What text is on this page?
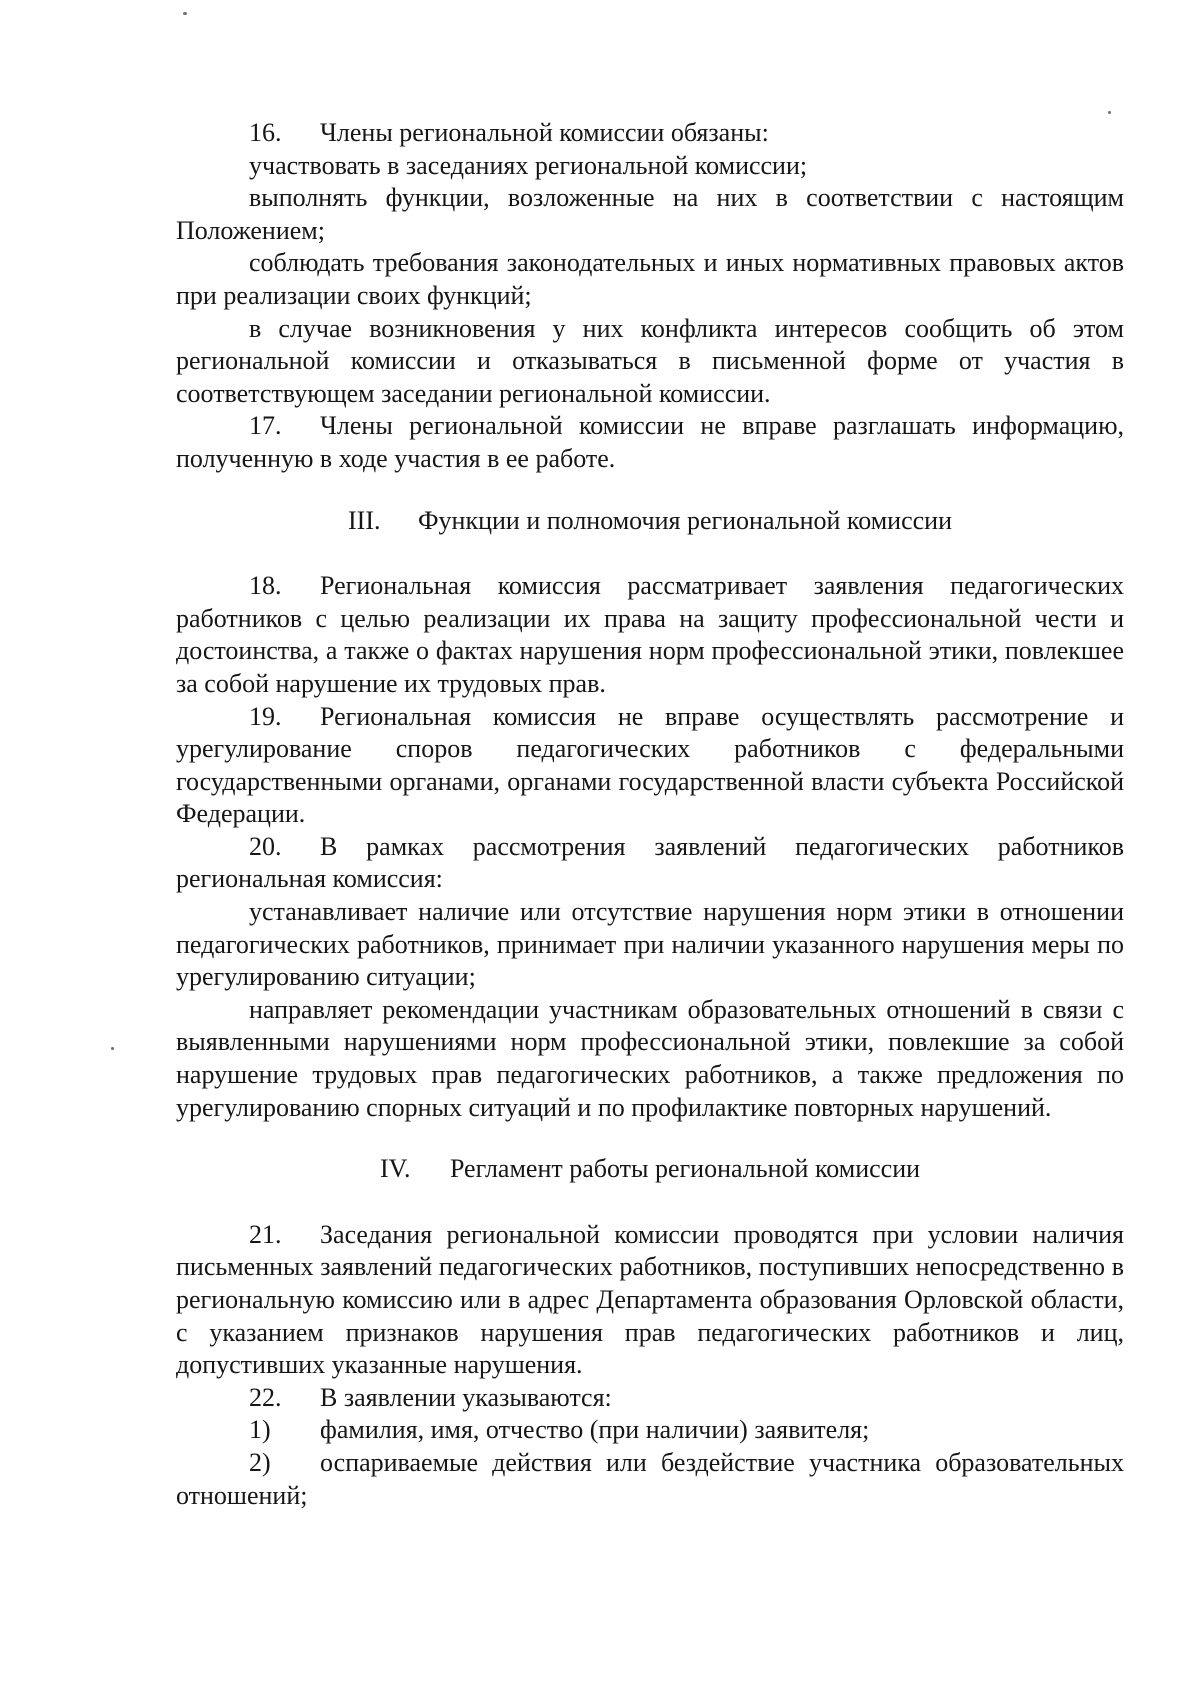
16. Члены региональной комиссии обязаны:

участвовать в заседаниях региональной комиссии;

выполнять функции, возложенные на них в соответствии с настоящим Положением;

соблюдать требования законодательных и иных нормативных правовых актов при реализации своих функций;

в случае возникновения у них конфликта интересов сообщить об этом региональной комиссии и отказываться в письменной форме от участия в соответствующем заседании региональной комиссии.

17. Члены региональной комиссии не вправе разглашать информацию, полученную в ходе участия в ее работе.

III. Функции и полномочия региональной комиссии

18. Региональная комиссия рассматривает заявления педагогических работников с целью реализации их права на защиту профессиональной чести и достоинства, а также о фактах нарушения норм профессиональной этики, повлекшее за собой нарушение их трудовых прав.

19. Региональная комиссия не вправе осуществлять рассмотрение и урегулирование споров педагогических работников с федеральными государственными органами, органами государственной власти субъекта Российской Федерации.

20. В рамках рассмотрения заявлений педагогических работников региональная комиссия:

устанавливает наличие или отсутствие нарушения норм этики в отношении педагогических работников, принимает при наличии указанного нарушения меры по урегулированию ситуации;

направляет рекомендации участникам образовательных отношений в связи с выявленными нарушениями норм профессиональной этики, повлекшие за собой нарушение трудовых прав педагогических работников, а также предложения по урегулированию спорных ситуаций и по профилактике повторных нарушений.

IV. Регламент работы региональной комиссии

21. Заседания региональной комиссии проводятся при условии наличия письменных заявлений педагогических работников, поступивших непосредственно в региональную комиссию или в адрес Департамента образования Орловской области, с указанием признаков нарушения прав педагогических работников и лиц, допустивших указанные нарушения.

22. В заявлении указываются:

1) фамилия, имя, отчество (при наличии) заявителя;

2) оспариваемые действия или бездействие участника образовательных отношений;
